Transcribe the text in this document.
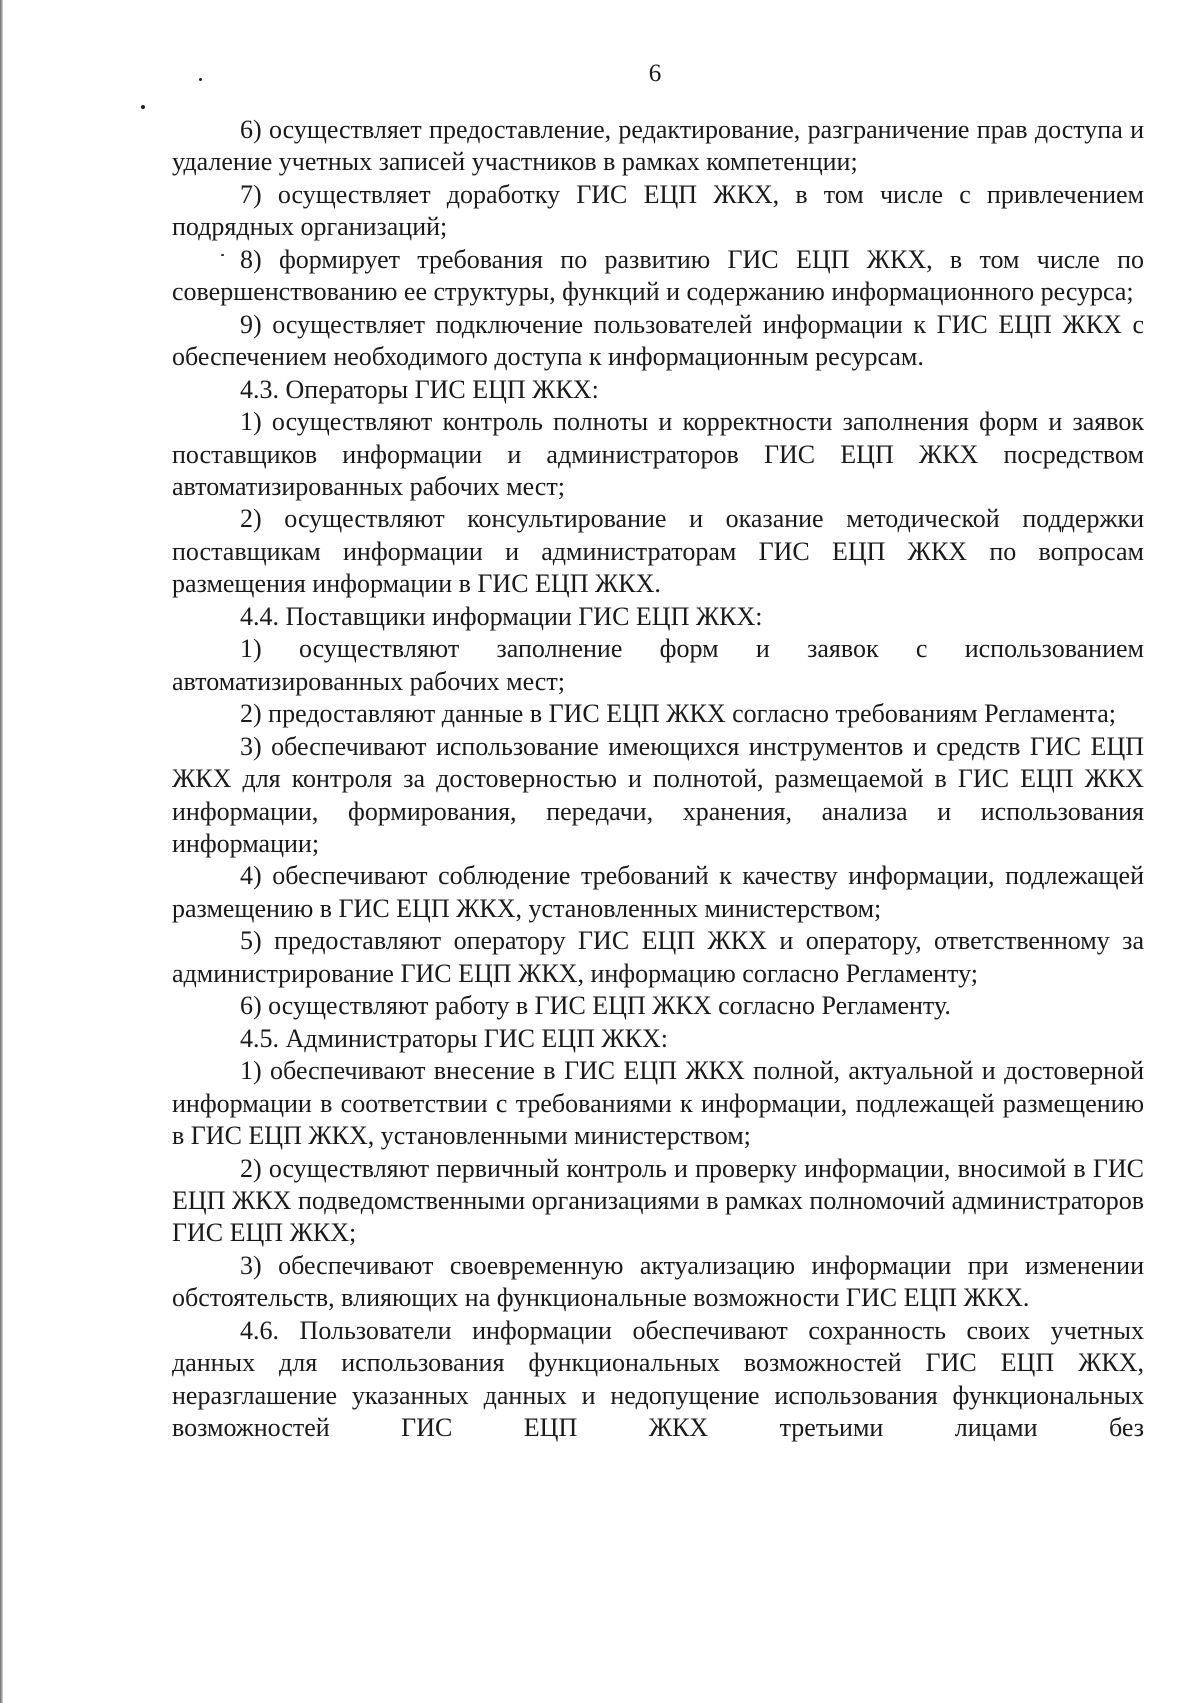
6

6) осуществляет предоставление, редактирование, разграничение прав доступа и удаление учетных записей участников в рамках компетенции;

7) осуществляет доработку ГИС ЕЦП ЖКХ, в том числе с привлечением подрядных организаций;

8) формирует требования по развитию ГИС ЕЦП ЖКХ, в том числе по совершенствованию ее структуры, функций и содержанию информационного ресурса;

9) осуществляет подключение пользователей информации к ГИС ЕЦП ЖКХ с обеспечением необходимого доступа к информационным ресурсам.

4.3. Операторы ГИС ЕЦП ЖКХ:

1) осуществляют контроль полноты и корректности заполнения форм и заявок поставщиков информации и администраторов ГИС ЕЦП ЖКХ посредством автоматизированных рабочих мест;

2) осуществляют консультирование и оказание методической поддержки поставщикам информации и администраторам ГИС ЕЦП ЖКХ по вопросам размещения информации в ГИС ЕЦП ЖКХ.

4.4. Поставщики информации ГИС ЕЦП ЖКХ:

1) осуществляют заполнение форм и заявок с использованием автоматизированных рабочих мест;

2) предоставляют данные в ГИС ЕЦП ЖКХ согласно требованиям Регламента;

3) обеспечивают использование имеющихся инструментов и средств ГИС ЕЦП ЖКХ для контроля за достоверностью и полнотой, размещаемой в ГИС ЕЦП ЖКХ информации, формирования, передачи, хранения, анализа и использования информации;

4) обеспечивают соблюдение требований к качеству информации, подлежащей размещению в ГИС ЕЦП ЖКХ, установленных министерством;

5) предоставляют оператору ГИС ЕЦП ЖКХ и оператору, ответственному за администрирование ГИС ЕЦП ЖКХ, информацию согласно Регламенту;

6) осуществляют работу в ГИС ЕЦП ЖКХ согласно Регламенту.

4.5. Администраторы ГИС ЕЦП ЖКХ:

1) обеспечивают внесение в ГИС ЕЦП ЖКХ полной, актуальной и достоверной информации в соответствии с требованиями к информации, подлежащей размещению в ГИС ЕЦП ЖКХ, установленными министерством;

2) осуществляют первичный контроль и проверку информации, вносимой в ГИС ЕЦП ЖКХ подведомственными организациями в рамках полномочий администраторов ГИС ЕЦП ЖКХ;

3) обеспечивают своевременную актуализацию информации при изменении обстоятельств, влияющих на функциональные возможности ГИС ЕЦП ЖКХ.

4.6. Пользователи информации обеспечивают сохранность своих учетных данных для использования функциональных возможностей ГИС ЕЦП ЖКХ, неразглашение указанных данных и недопущение использования функциональных возможностей ГИС ЕЦП ЖКХ третьими лицами без
